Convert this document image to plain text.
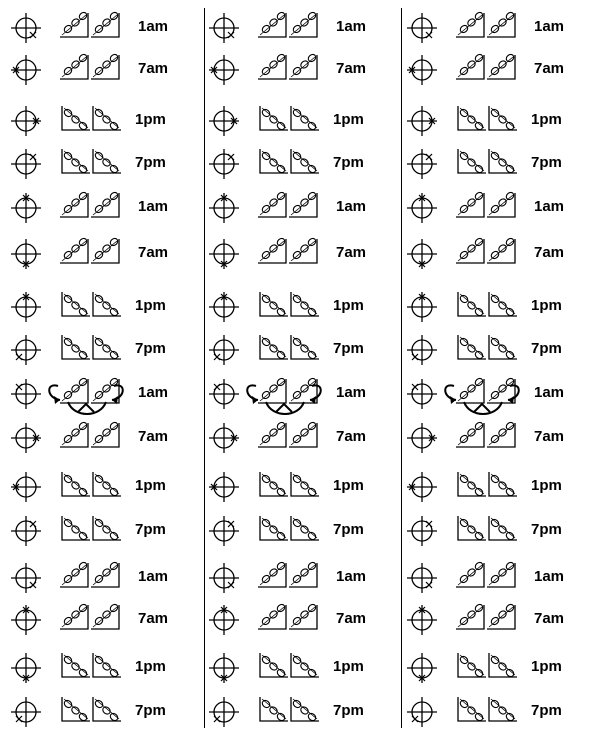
1am
7am
1pm
7pm
1am
7am
1pm
7pm
1am
7am
1pm
7pm
1am
7am
1pm
7pm
1am
7am
1pm
7pm
1am
7am
1pm
7pm
1am
7am
1pm
7pm
1am
7am
1pm
7pm
1am
7am
1pm
7pm
1am
7am
1pm
7pm
1am
7am
1pm
7pm
1am
7am
1pm
7pm
